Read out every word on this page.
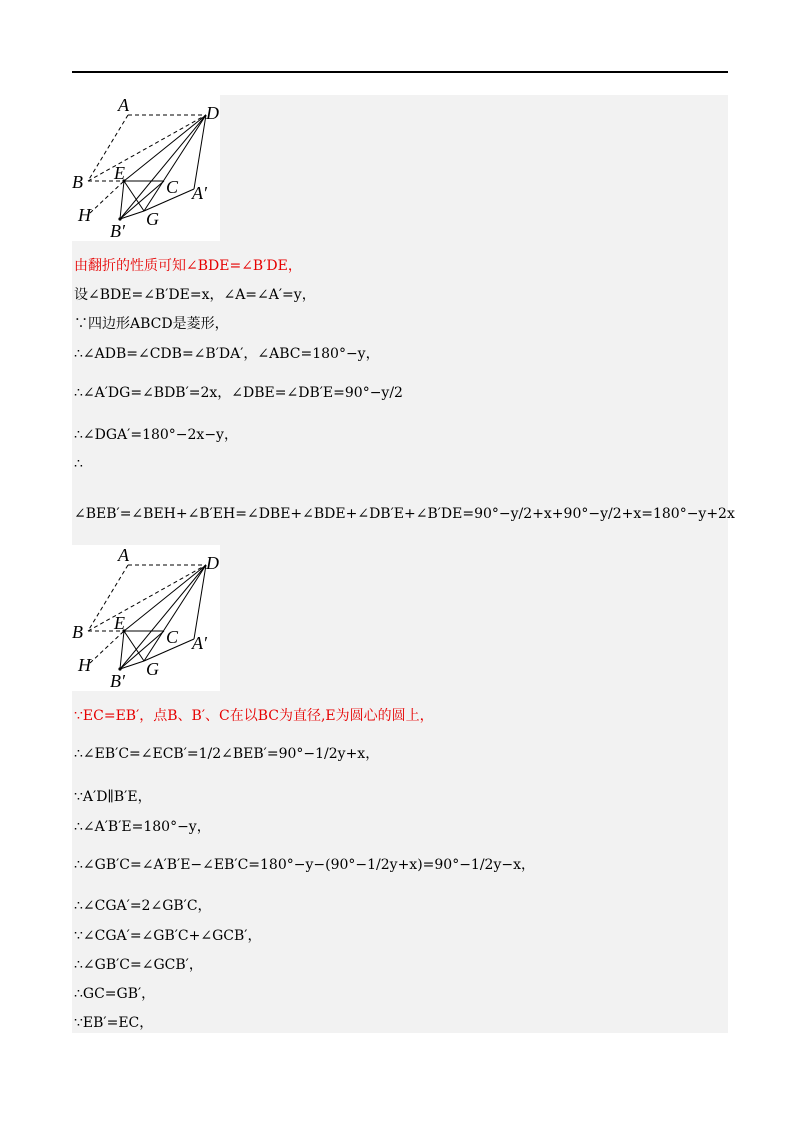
A	D
B E
C A′
H	G
B′
由翻折的性质可知∠BDE=∠B′DE，
设∠BDE=∠B′DE=x，∠A=∠A′=y，
∵四边形ABCD是菱形，
∴∠ADB=∠CDB=∠B′DA′，∠ABC=180°−y，
∴∠A′DG=∠BDB′=2x，∠DBE=∠DB′E=90°−y/2
∴∠DGA′=180°−2x−y，
∴
∠BEB′=∠BEH+∠B′EH=∠DBE+∠BDE+∠DB′E+∠B′DE=90°−y/2+x+90°−y/2+x=180°−y+2x
A	D
B E
C A′
H	G
B′
∵EC=EB′，点B、B′、C在以BC为直径,E为圆心的圆上，
∴∠EB′C=∠ECB′=1/2∠BEB′=90°−1/2y+x，
∵A′D∥B′E，
∴∠A′B′E=180°−y，
∴∠GB′C=∠A′B′E−∠EB′C=180°−y−(90°−1/2y+x)=90°−1/2y−x，
∴∠CGA′=2∠GB′C，
∵∠CGA′=∠GB′C+∠GCB′，
∴∠GB′C=∠GCB′，
∴GC=GB′，
∵EB′=EC，
